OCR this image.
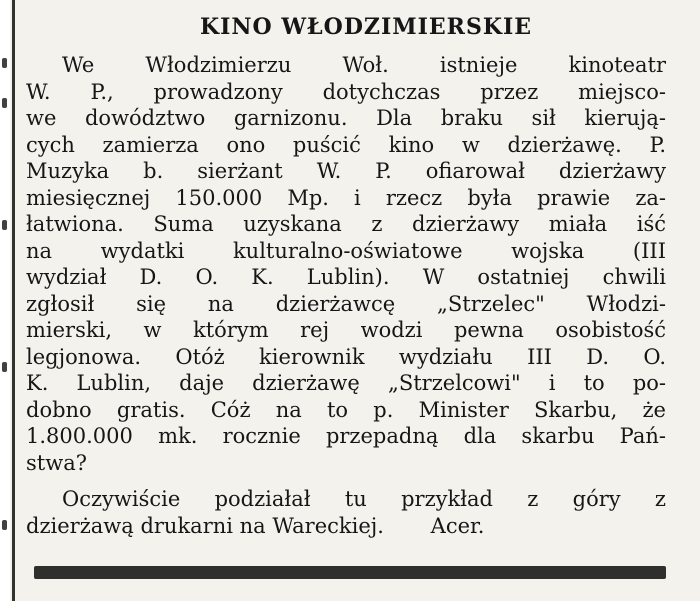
KINO WŁODZIMIERSKIE
We Włodzimierzu Woł. istnieje kinoteatr
W. P., prowadzony dotychczas przez miejsco-
we dowództwo garnizonu. Dla braku sił kierują-
cych zamierza ono puścić kino w dzierżawę. P.
Muzyka b. sierżant W. P. ofiarował dzierżawy
miesięcznej 150.000 Mp. i rzecz była prawie za-
łatwiona. Suma uzyskana z dzierżawy miała iść
na wydatki kulturalno-oświatowe wojska (III
wydział D. O. K. Lublin). W ostatniej chwili
zgłosił się na dzierżawcę „Strzelec" Włodzi-
mierski, w którym rej wodzi pewna osobistość
legjonowa. Otóż kierownik wydziału III D. O.
K. Lublin, daje dzierżawę „Strzelcowi" i to po-
dobno gratis. Cóż na to p. Minister Skarbu, że
1.800.000 mk. rocznie przepadną dla skarbu Pań-
stwa?
Oczywiście podziałał tu przykład z góry z
dzierżawą drukarni na Wareckiej.       Acer.
